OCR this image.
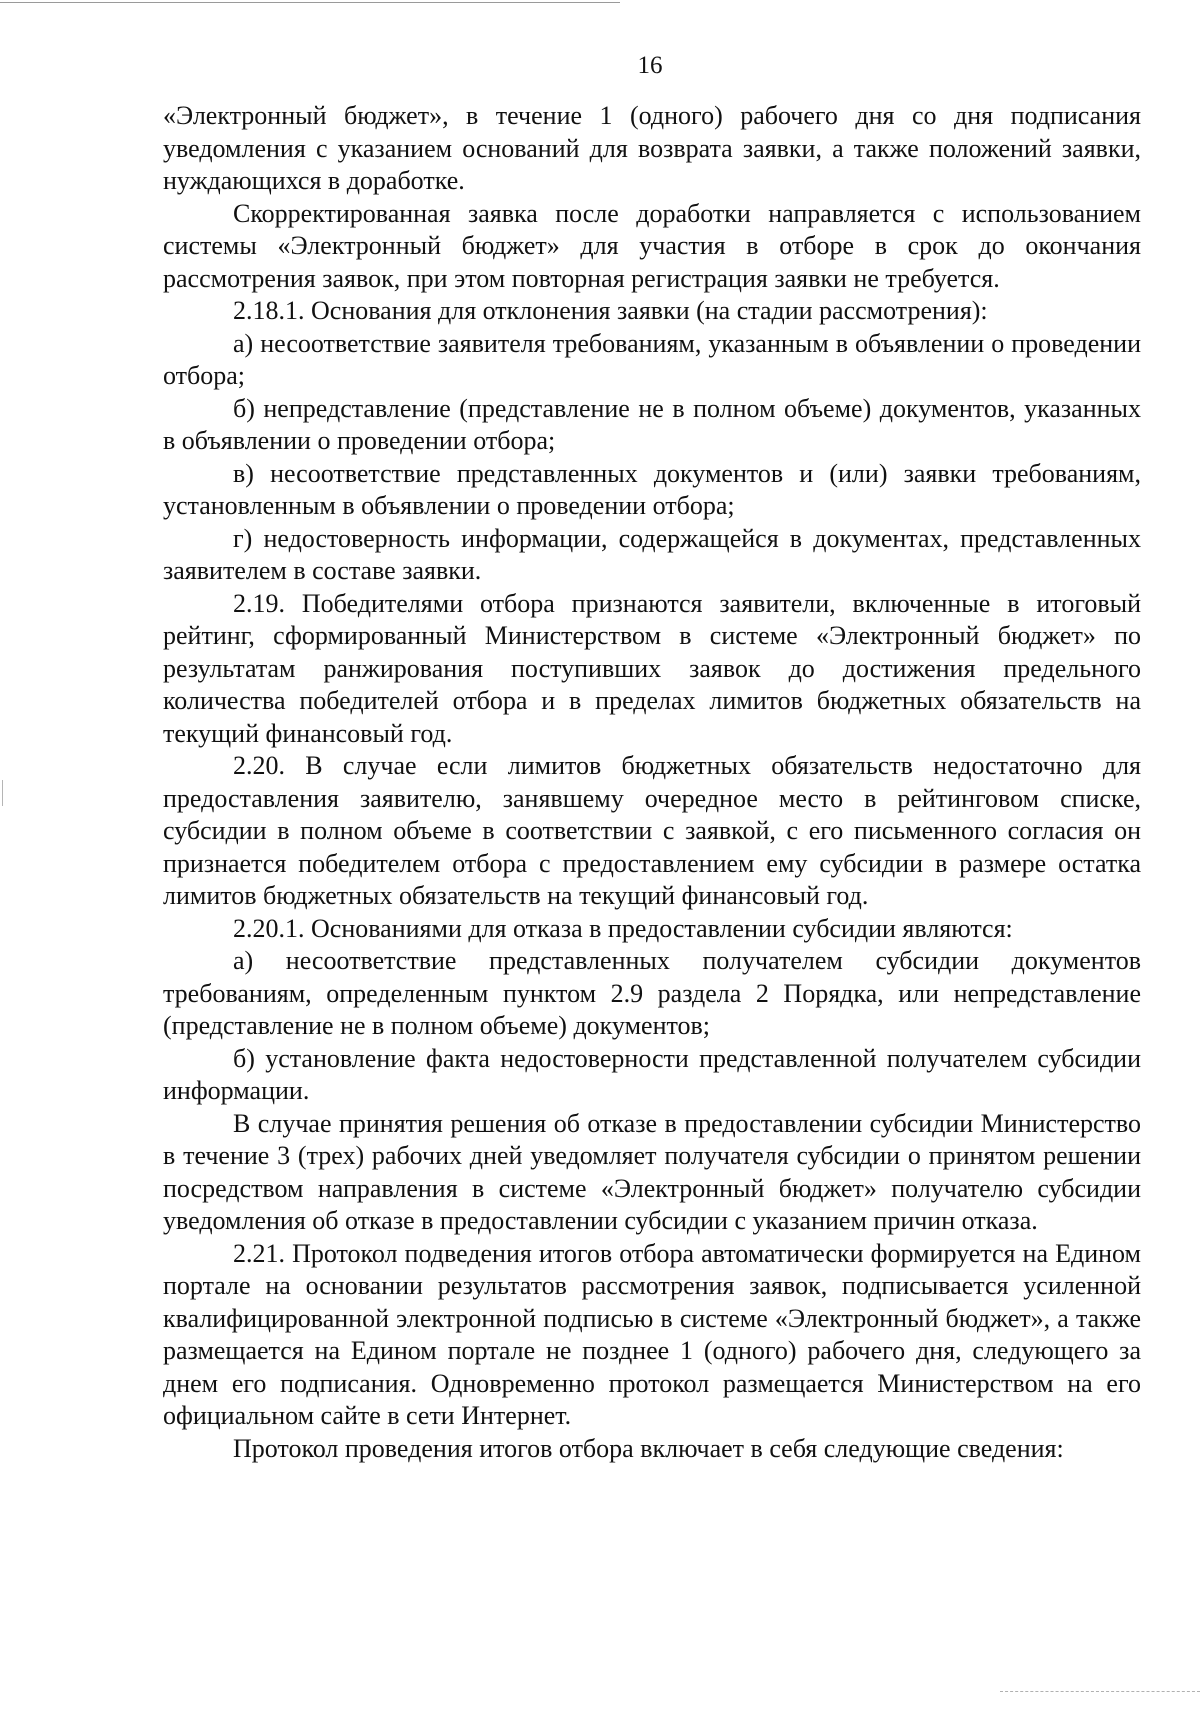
16

«Электронный бюджет», в течение 1 (одного) рабочего дня со дня подписания уведомления с указанием оснований для возврата заявки, а также положений заявки, нуждающихся в доработке.

Скорректированная заявка после доработки направляется с использованием системы «Электронный бюджет» для участия в отборе в срок до окончания рассмотрения заявок, при этом повторная регистрация заявки не требуется.

2.18.1. Основания для отклонения заявки (на стадии рассмотрения):

а) несоответствие заявителя требованиям, указанным в объявлении о проведении отбора;

б) непредставление (представление не в полном объеме) документов, указанных в объявлении о проведении отбора;

в) несоответствие представленных документов и (или) заявки требованиям, установленным в объявлении о проведении отбора;

г) недостоверность информации, содержащейся в документах, представленных заявителем в составе заявки.

2.19. Победителями отбора признаются заявители, включенные в итоговый рейтинг, сформированный Министерством в системе «Электронный бюджет» по результатам ранжирования поступивших заявок до достижения предельного количества победителей отбора и в пределах лимитов бюджетных обязательств на текущий финансовый год.

2.20. В случае если лимитов бюджетных обязательств недостаточно для предоставления заявителю, занявшему очередное место в рейтинговом списке, субсидии в полном объеме в соответствии с заявкой, с его письменного согласия он признается победителем отбора с предоставлением ему субсидии в размере остатка лимитов бюджетных обязательств на текущий финансовый год.

2.20.1. Основаниями для отказа в предоставлении субсидии являются:

а) несоответствие представленных получателем субсидии документов требованиям, определенным пунктом 2.9 раздела 2 Порядка, или непредставление (представление не в полном объеме) документов;

б) установление факта недостоверности представленной получателем субсидии информации.

В случае принятия решения об отказе в предоставлении субсидии Министерство в течение 3 (трех) рабочих дней уведомляет получателя субсидии о принятом решении посредством направления в системе «Электронный бюджет» получателю субсидии уведомления об отказе в предоставлении субсидии с указанием причин отказа.

2.21. Протокол подведения итогов отбора автоматически формируется на Едином портале на основании результатов рассмотрения заявок, подписывается усиленной квалифицированной электронной подписью в системе «Электронный бюджет», а также размещается на Едином портале не позднее 1 (одного) рабочего дня, следующего за днем его подписания. Одновременно протокол размещается Министерством на его официальном сайте в сети Интернет.

Протокол проведения итогов отбора включает в себя следующие сведения:
